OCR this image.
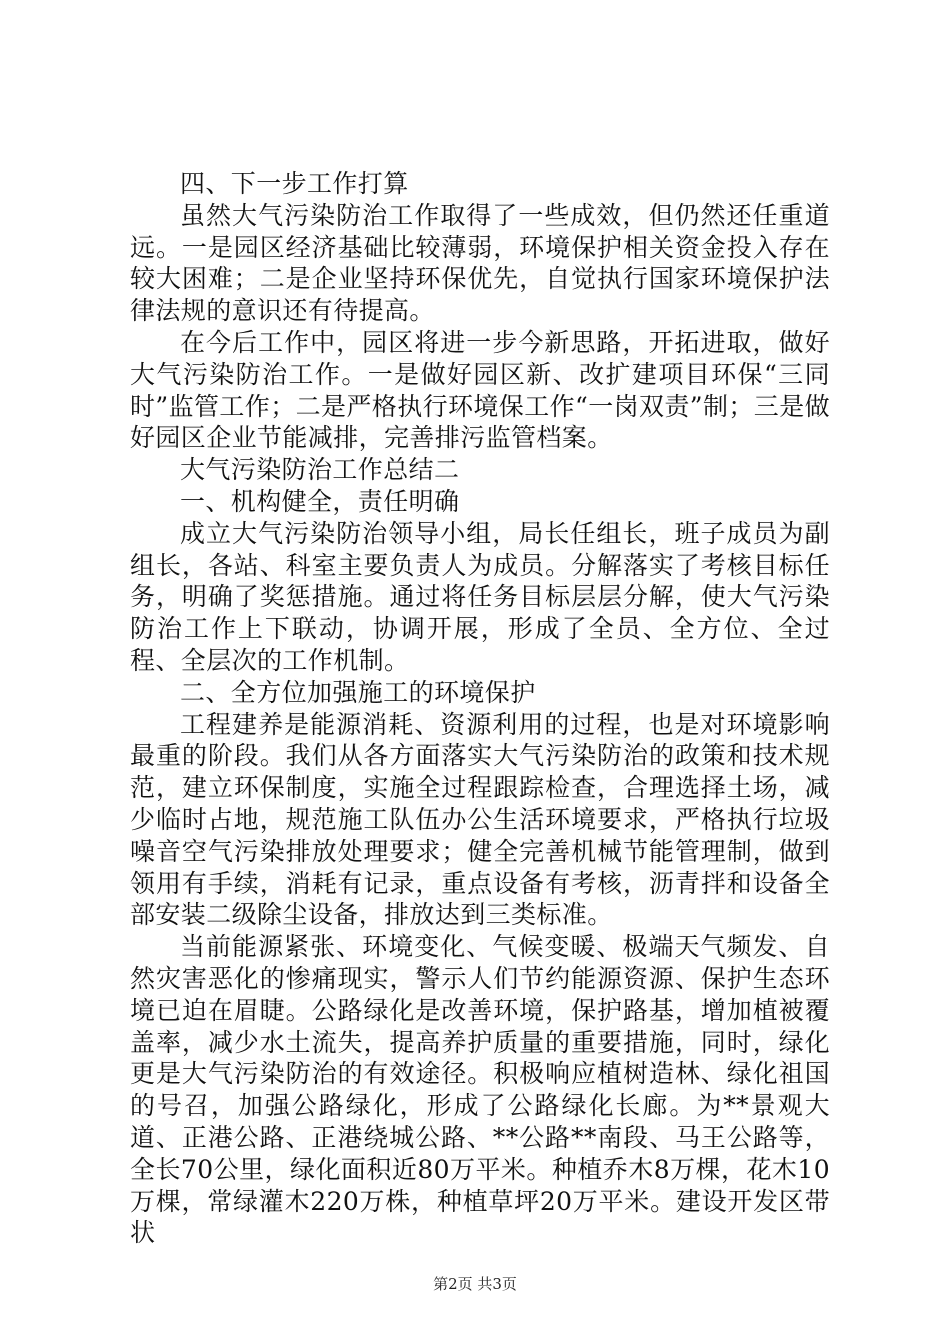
四、下一步工作打算

虽然大气污染防治工作取得了一些成效，但仍然还任重道远。一是园区经济基础比较薄弱，环境保护相关资金投入存在较大困难；二是企业坚持环保优先，自觉执行国家环境保护法律法规的意识还有待提高。

在今后工作中，园区将进一步今新思路，开拓进取，做好大气污染防治工作。一是做好园区新、改扩建项目环保“三同时”监管工作；二是严格执行环境保工作“一岗双责”制；三是做好园区企业节能减排，完善排污监管档案。

大气污染防治工作总结二

一、机构健全，责任明确

成立大气污染防治领导小组，局长任组长，班子成员为副组长，各站、科室主要负责人为成员。分解落实了考核目标任务，明确了奖惩措施。通过将任务目标层层分解，使大气污染防治工作上下联动，协调开展，形成了全员、全方位、全过程、全层次的工作机制。

二、全方位加强施工的环境保护

工程建养是能源消耗、资源利用的过程，也是对环境影响最重的阶段。我们从各方面落实大气污染防治的政策和技术规范，建立环保制度，实施全过程跟踪检查，合理选择土场，减少临时占地，规范施工队伍办公生活环境要求，严格执行垃圾噪音空气污染排放处理要求；健全完善机械节能管理制，做到领用有手续，消耗有记录，重点设备有考核，沥青拌和设备全部安装二级除尘设备，排放达到三类标准。

当前能源紧张、环境变化、气候变暖、极端天气频发、自然灾害恶化的惨痛现实，警示人们节约能源资源、保护生态环境已迫在眉睫。公路绿化是改善环境，保护路基，增加植被覆盖率，减少水土流失，提高养护质量的重要措施，同时，绿化更是大气污染防治的有效途径。积极响应植树造林、绿化祖国的号召，加强公路绿化，形成了公路绿化长廊。为**景观大道、正港公路、正港绕城公路、**公路**南段、马王公路等，全长70公里，绿化面积近80万平米。种植乔木8万棵，花木10万棵，常绿灌木220万株，种植草坪20万平米。建设开发区带状

第2页 共3页
